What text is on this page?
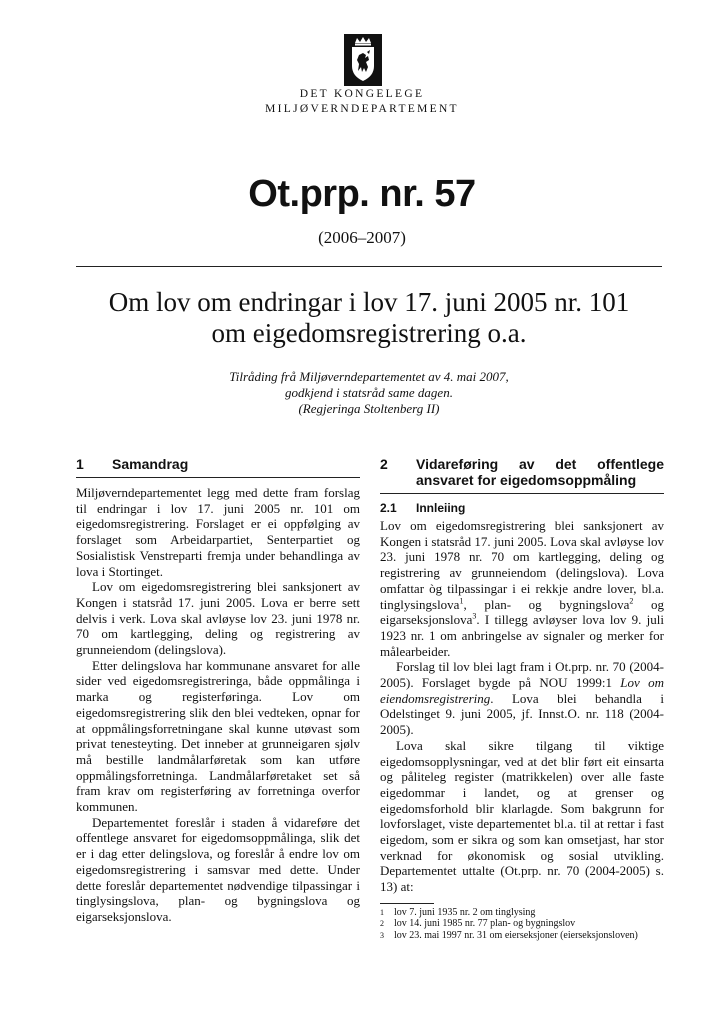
DET KONGELEGE
MILJØVERNDEPARTEMENT
Ot.prp. nr. 57
(2006–2007)
Om lov om endringar i lov 17. juni 2005 nr. 101
om eigedomsregistrering o.a.
Tilråding frå Miljøverndepartementet av 4. mai 2007,
godkjend i statsråd same dagen.
(Regjeringa Stoltenberg II)
1	Samandrag

Miljøverndepartementet legg med dette fram forslag til endringar i lov 17. juni 2005 nr. 101 om eigedomsregistrering. Forslaget er ei oppfølging av forslaget som Arbeidarpartiet, Senterpartiet og Sosialistisk Venstreparti fremja under behandlinga av lova i Stortinget.

Lov om eigedomsregistrering blei sanksjonert av Kongen i statsråd 17. juni 2005. Lova er berre sett delvis i verk. Lova skal avløyse lov 23. juni 1978 nr. 70 om kartlegging, deling og registrering av grunneiendom (delingslova).

Etter delingslova har kommunane ansvaret for alle sider ved eigedomsregistreringa, både oppmålinga i marka og registerføringa. Lov om eigedomsregistrering slik den blei vedteken, opnar for at oppmålingsforretningane skal kunne utøvast som privat tenesteyting. Det inneber at grunneigaren sjølv må bestille landmålarføretak som kan utføre oppmålingsforretninga. Landmålarføretaket set så fram krav om registerføring av forretninga overfor kommunen.

Departementet foreslår i staden å vidareføre det offentlege ansvaret for eigedomsoppmålinga, slik det er i dag etter delingslova, og foreslår å endre lov om eigedomsregistrering i samsvar med dette. Under dette foreslår departementet nødvendige tilpassingar i tinglysingslova, plan- og bygningslova og eigarseksjonslova.

2	Vidareføring av det offentlege ansvaret for eigedomsoppmåling
2.1	Innleiing

Lov om eigedomsregistrering blei sanksjonert av Kongen i statsråd 17. juni 2005. Lova skal avløyse lov 23. juni 1978 nr. 70 om kartlegging, deling og registrering av grunneiendom (delingslova). Lova omfattar òg tilpassingar i ei rekkje andre lover, bl.a. tinglysingslova$^1$, plan- og bygningslova$^2$ og eigarseksjonslova$^3$. I tillegg avløyser lova lov 9. juli 1923 nr. 1 om anbringelse av signaler og merker for målearbeider.

Forslag til lov blei lagt fram i Ot.prp. nr. 70 (2004-2005). Forslaget bygde på NOU 1999:1 Lov om eiendomsregistrering. Lova blei behandla i Odelstinget 9. juni 2005, jf. Innst.O. nr. 118 (2004-2005).

Lova skal sikre tilgang til viktige eigedomsopplysningar, ved at det blir ført eit einsarta og påliteleg register (matrikkelen) over alle faste eigedommar i landet, og at grenser og eigedomsforhold blir klarlagde. Som bakgrunn for lovforslaget, viste departementet bl.a. til at rettar i fast eigedom, som er sikra og som kan omsetjast, har stor verknad for økonomisk og sosial utvikling. Departementet uttalte (Ot.prp. nr. 70 (2004-2005) s. 13) at:

1	lov 7. juni 1935 nr. 2 om tinglysing
2	lov 14. juni 1985 nr. 77 plan- og bygningslov
3	lov 23. mai 1997 nr. 31 om eierseksjoner (eierseksjonsloven)
